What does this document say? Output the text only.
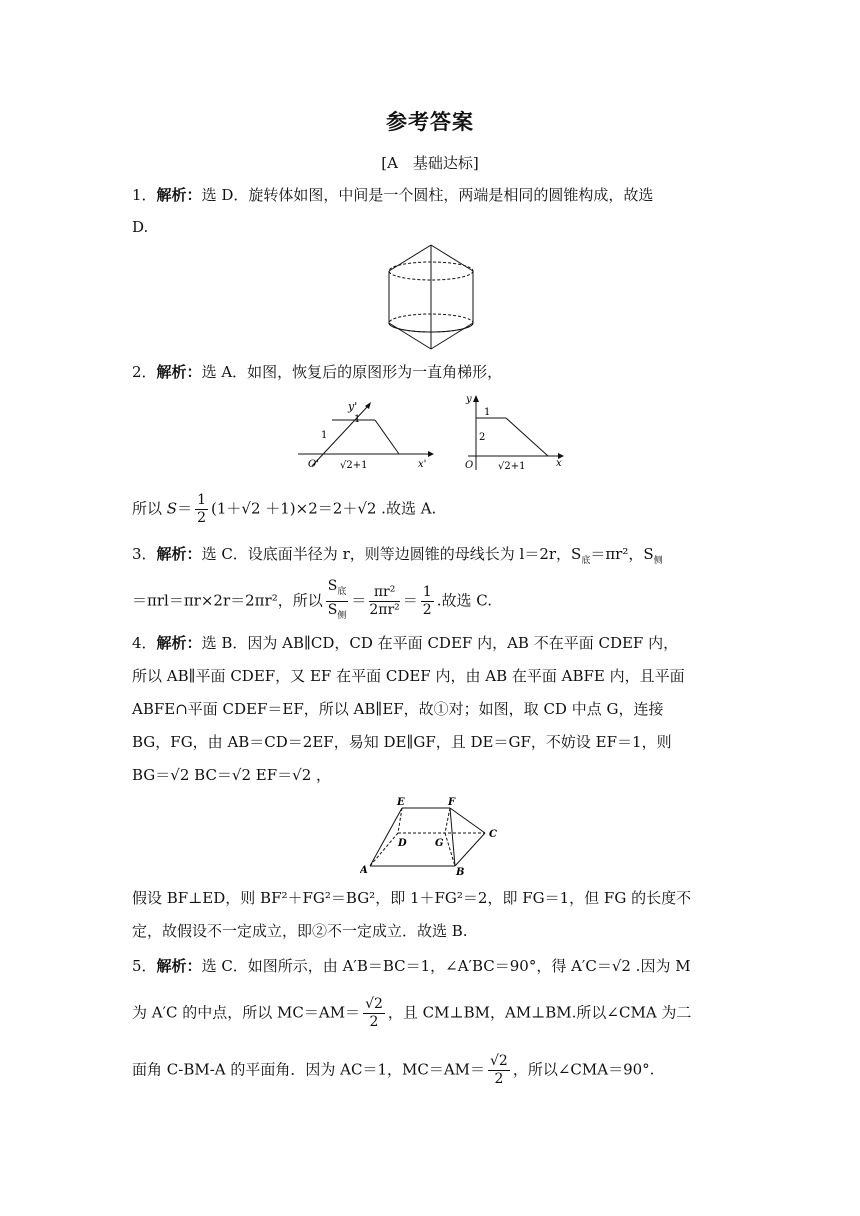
参考答案
[A　基础达标]
1．解析：选 D．旋转体如图，中间是一个圆柱，两端是相同的圆锥构成，故选
D.
2．解析：选 A．如图，恢复后的原图形为一直角梯形，
y'
1
1
O' √2+1	x'
y
1
2
O √2+1	x
所以 $S= \frac{1}{2} (1+√2 +1)\times 2=2+√2$ .故选 A.
3．解析：选 C．设底面半径为 r，则等边圆锥的母线长为 l＝2r，$S_底=\pi r^2$，$S_侧$
＝πrl＝πr×2r＝2πr²，所以 $\frac{S_底}{S_侧} = \frac{\text{πr²}}{\text{2πr²}} = \frac{1}{2}$ .故选 C.
4．解析：选 B．因为 AB∥CD，CD 在平面 CDEF 内，AB 不在平面 CDEF 内，
所以 AB∥平面 CDEF，又 EF 在平面 CDEF 内，由 AB 在平面 ABFE 内，且平面
ABFE∩平面 CDEF＝EF，所以 AB∥EF，故①对；如图，取 CD 中点 G，连接
BG，FG，由 AB＝CD＝2EF，易知 DE∥GF，且 DE＝GF，不妨设 EF＝1，则
BG＝√2 BC＝√2 EF＝√2 ，
E	F
C
D	G
A	B
假设 BF⊥ED，则 BF²＋FG²＝BG²，即 1＋FG²＝2，即 FG＝1，但 FG 的长度不
定，故假设不一定成立，即②不一定成立．故选 B.
5．解析：选 C．如图所示，由 A′B＝BC＝1，∠A′BC＝90°，得 A′C＝√2 .因为 M
为 A′C 的中点，所以 $MC=AM= \frac{√2}{2}$ ，且 CM⊥BM，AM⊥BM.所以∠CMA 为二
面角 C-BM-A 的平面角．因为 AC＝1，$MC=AM= \frac{√2}{2}$ ，所以∠CMA＝90°.
